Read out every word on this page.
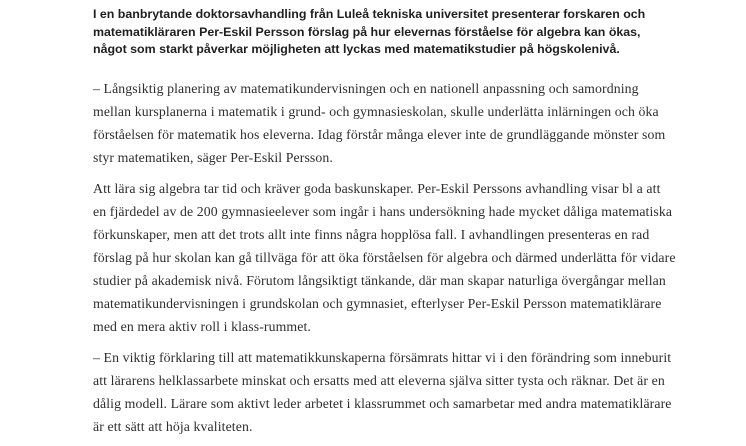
I en banbrytande doktorsavhandling från Luleå tekniska universitet presenterar forskaren och
matematikläraren Per-Eskil Persson förslag på hur elevernas förståelse för algebra kan ökas,
något som starkt påverkar möjligheten att lyckas med matematikstudier på högskolenivå.
– Långsiktig planering av matematikundervisningen och en nationell anpassning och samordning
mellan kursplanerna i matematik i grund- och gymnasieskolan, skulle underlätta inlärningen och öka
förståelsen för matematik hos eleverna. Idag förstår många elever inte de grundläggande mönster som
styr matematiken, säger Per-Eskil Persson.
Att lära sig algebra tar tid och kräver goda baskunskaper. Per-Eskil Perssons avhandling visar bl a att
en fjärdedel av de 200 gymnasieelever som ingår i hans undersökning hade mycket dåliga matematiska
förkunskaper, men att det trots allt inte finns några hopplösa fall. I avhandlingen presenteras en rad
förslag på hur skolan kan gå tillväga för att öka förståelsen för algebra och därmed underlätta för vidare
studier på akademisk nivå. Förutom långsiktigt tänkande, där man skapar naturliga övergångar mellan
matematikundervisningen i grundskolan och gymnasiet, efterlyser Per-Eskil Persson matematiklärare
med en mera aktiv roll i klass-rummet.
– En viktig förklaring till att matematikkunskaperna försämrats hittar vi i den förändring som inneburit
att lärarens helklassarbete minskat och ersatts med att eleverna själva sitter tysta och räknar. Det är en
dålig modell. Lärare som aktivt leder arbetet i klassrummet och samarbetar med andra matematiklärare
är ett sätt att höja kvaliteten.
